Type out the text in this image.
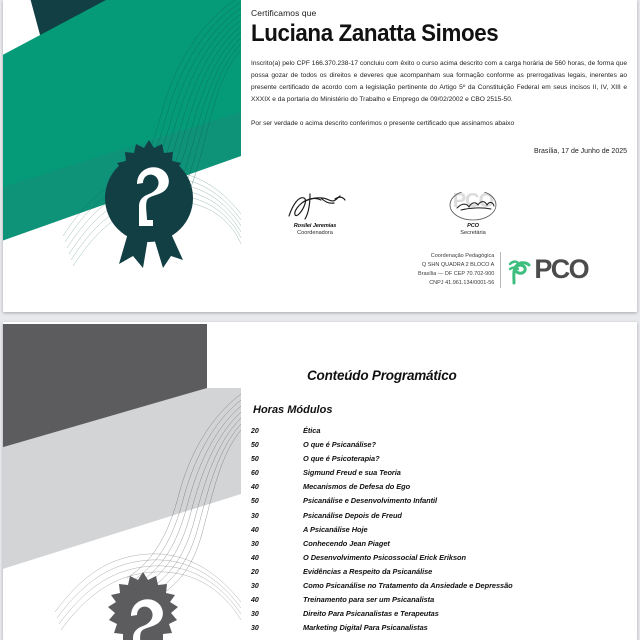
Certificamos que
Luciana Zanatta Simoes
Inscrito(a) pelo CPF 166.370.238-17 concluiu com êxito o curso acima descrito com a carga horária de 560 horas, de forma que possa gozar de todos os direitos e deveres que acompanham sua formação conforme as prerrogativas legais, inerentes ao presente certificado de acordo com a legislação pertinente do Artigo 5º da Constituição Federal em seus incisos II, IV, XIII e XXXIX e da portaria do Ministério do Trabalho e Emprego de 09/02/2002 e CBO 2515-50.
Por ser verdade o acima descrito conferimos o presente certificado que assinamos abaixo
Brasília, 17 de Junho de 2025
Rosilei Jeremias
Coordenadora
PCO
PCO
Secretária
Coordenação Pedagógica
Q SHN QUADRA 2 BLOCO A
Brasília — DF CEP 70.702-900
CNPJ 41.961.134/0001-56 PCO
Conteúdo Programático
Horas Módulos
20	Ética
50	O que é Psicanálise?
50	O que é Psicoterapia?
60	Sigmund Freud e sua Teoria
40	Mecanismos de Defesa do Ego
50	Psicanálise e Desenvolvimento Infantil
30	Psicanálise Depois de Freud
40	A Psicanálise Hoje
30	Conhecendo Jean Piaget
40	O Desenvolvimento Psicossocial Erick Erikson
20	Evidências a Respeito da Psicanálise
30	Como Psicanálise no Tratamento da Ansiedade e Depressão
40	Treinamento para ser um Psicanalista
30	Direito Para Psicanalistas e Terapeutas
30	Marketing Digital Para Psicanalistas
